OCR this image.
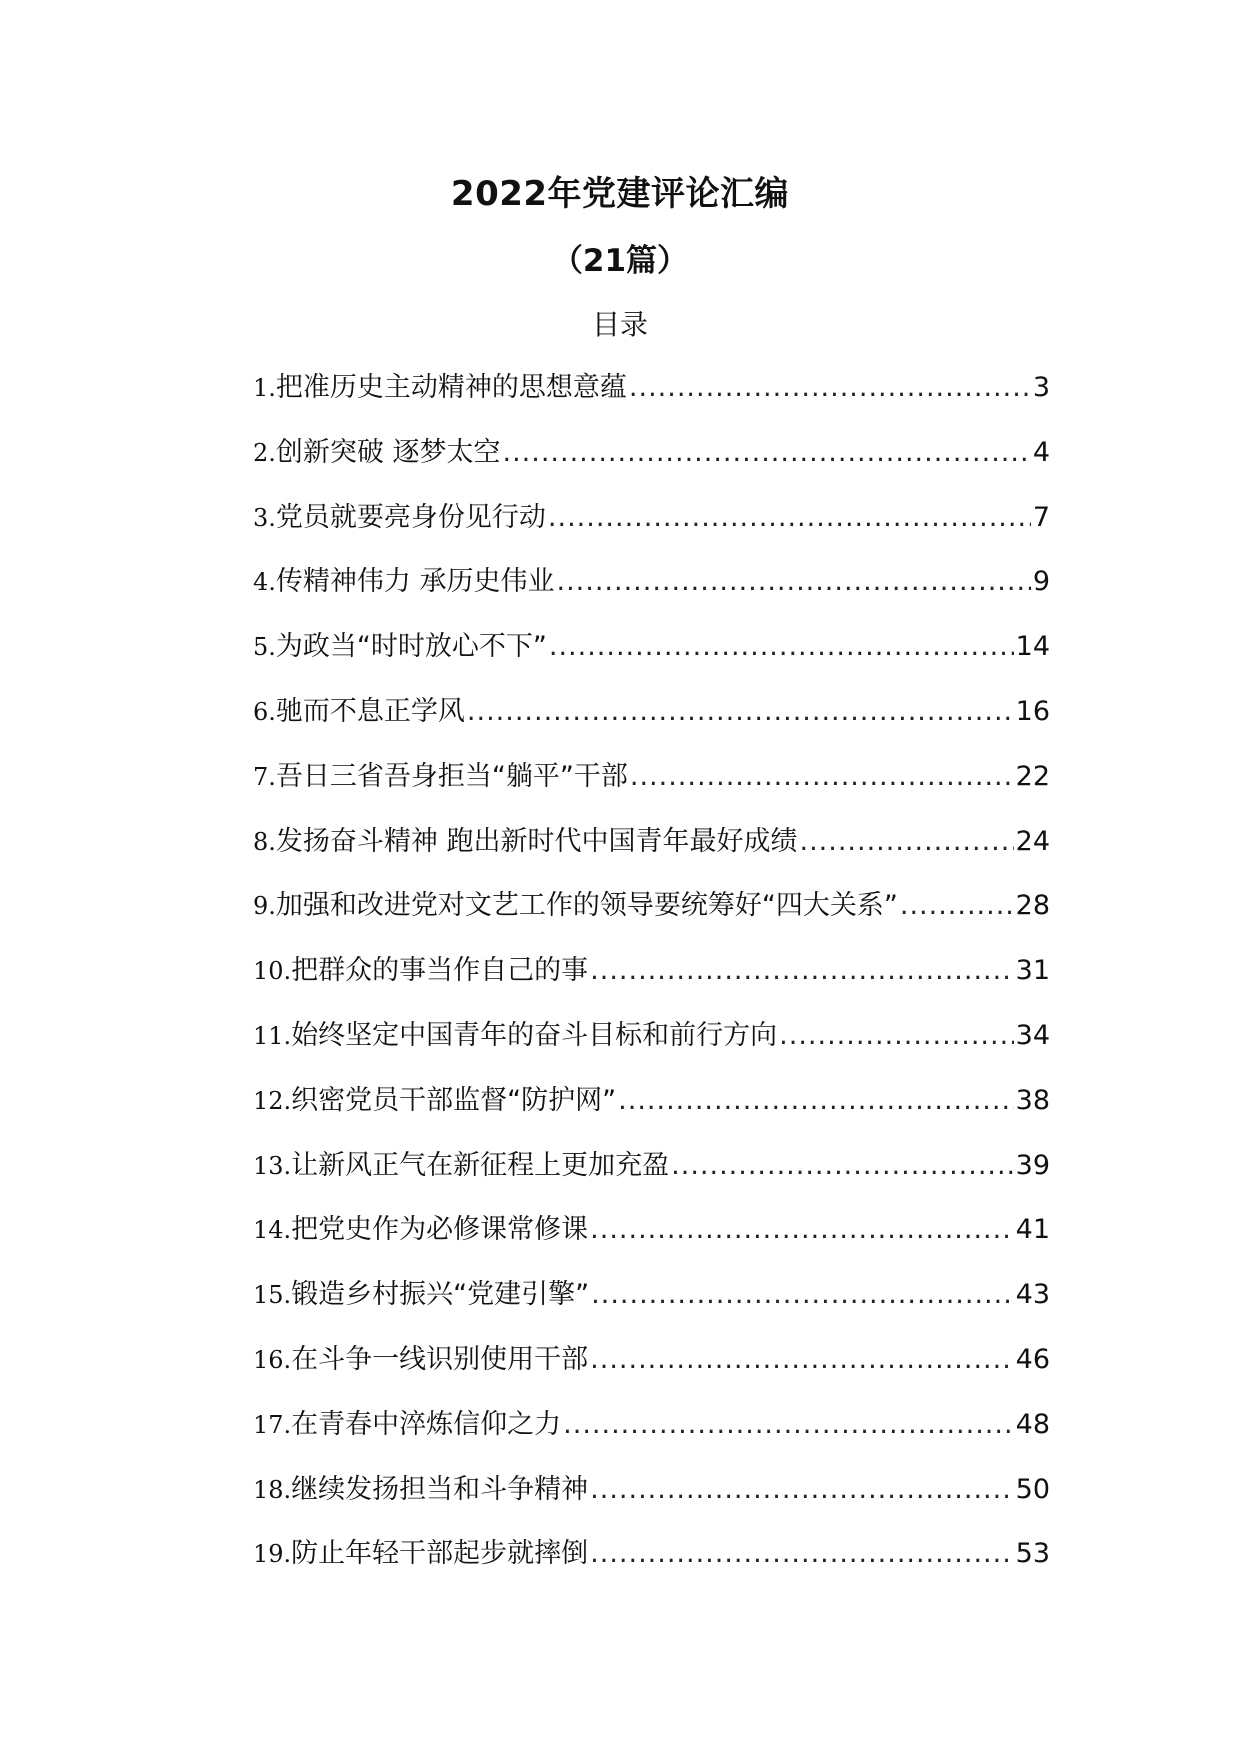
2022年党建评论汇编
（21篇）
目录
1. 把准历史主动精神的思想意蕴 .....	3
2. 创新突破 逐梦太空 .....	4
3. 党员就要亮身份见行动 .....	7
4. 传精神伟力 承历史伟业 .....	9
5. 为政当“时时放心不下” .....	14
6. 驰而不息正学风 .....	16
7. 吾日三省吾身拒当“躺平”干部 .....	22
8. 发扬奋斗精神 跑出新时代中国青年最好成绩 .....	24
9. 加强和改进党对文艺工作的领导要统筹好“四大关系” .....	28
10. 把群众的事当作自己的事 .....	31
11. 始终坚定中国青年的奋斗目标和前行方向 .....	34
12. 织密党员干部监督“防护网” .....	38
13. 让新风正气在新征程上更加充盈 .....	39
14. 把党史作为必修课常修课 .....	41
15. 锻造乡村振兴“党建引擎” .....	43
16. 在斗争一线识别使用干部 .....	46
17. 在青春中淬炼信仰之力 .....	48
18. 继续发扬担当和斗争精神 .....	50
19. 防止年轻干部起步就摔倒 .....	53
